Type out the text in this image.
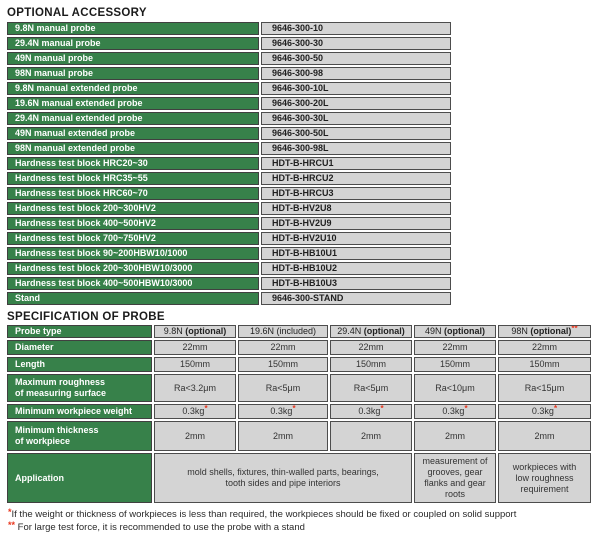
OPTIONAL ACCESSORY
9.8N manual probe	9646-300-10
29.4N manual probe	9646-300-30
49N manual probe	9646-300-50
98N manual probe	9646-300-98
9.8N manual extended probe	9646-300-10L
19.6N manual extended probe	9646-300-20L
29.4N manual extended probe	9646-300-30L
49N manual extended probe	9646-300-50L
98N manual extended probe	9646-300-98L
Hardness test block HRC20~30	HDT-B-HRCU1
Hardness test block HRC35~55	HDT-B-HRCU2
Hardness test block HRC60~70	HDT-B-HRCU3
Hardness test block 200~300HV2	HDT-B-HV2U8
Hardness test block 400~500HV2	HDT-B-HV2U9
Hardness test block 700~750HV2	HDT-B-HV2U10
Hardness test block 90~200HBW10/1000	HDT-B-HB10U1
Hardness test block 200~300HBW10/3000	HDT-B-HB10U2
Hardness test block 400~500HBW10/3000	HDT-B-HB10U3
Stand	9646-300-STAND
SPECIFICATION OF PROBE
Probe type	9.8N (optional)	19.6N (included)	29.4N (optional)	49N (optional)	98N (optional)**

Diameter	22mm	22mm	22mm	22mm	22mm

Length	150mm	150mm	150mm	150mm	150mm

Maximum roughness
of measuring surface	Ra<3.2μm	Ra<5μm	Ra<5μm	Ra<10μm	Ra<15μm

Minimum workpiece weight	0.3kg*	0.3kg*	0.3kg*	0.3kg*	0.3kg*

Minimum thickness
of workpiece	2mm	2mm	2mm	2mm	2mm
Application	mold shells, fixtures, thin-walled parts, bearings, tooth sides and pipe interiors			measurement of grooves, gear flanks and gear roots	workpieces with low roughness requirement
*If the weight or thickness of workpieces is less than required, the workpieces should be fixed or coupled on solid support
** For large test force, it is recommended to use the probe with a stand
